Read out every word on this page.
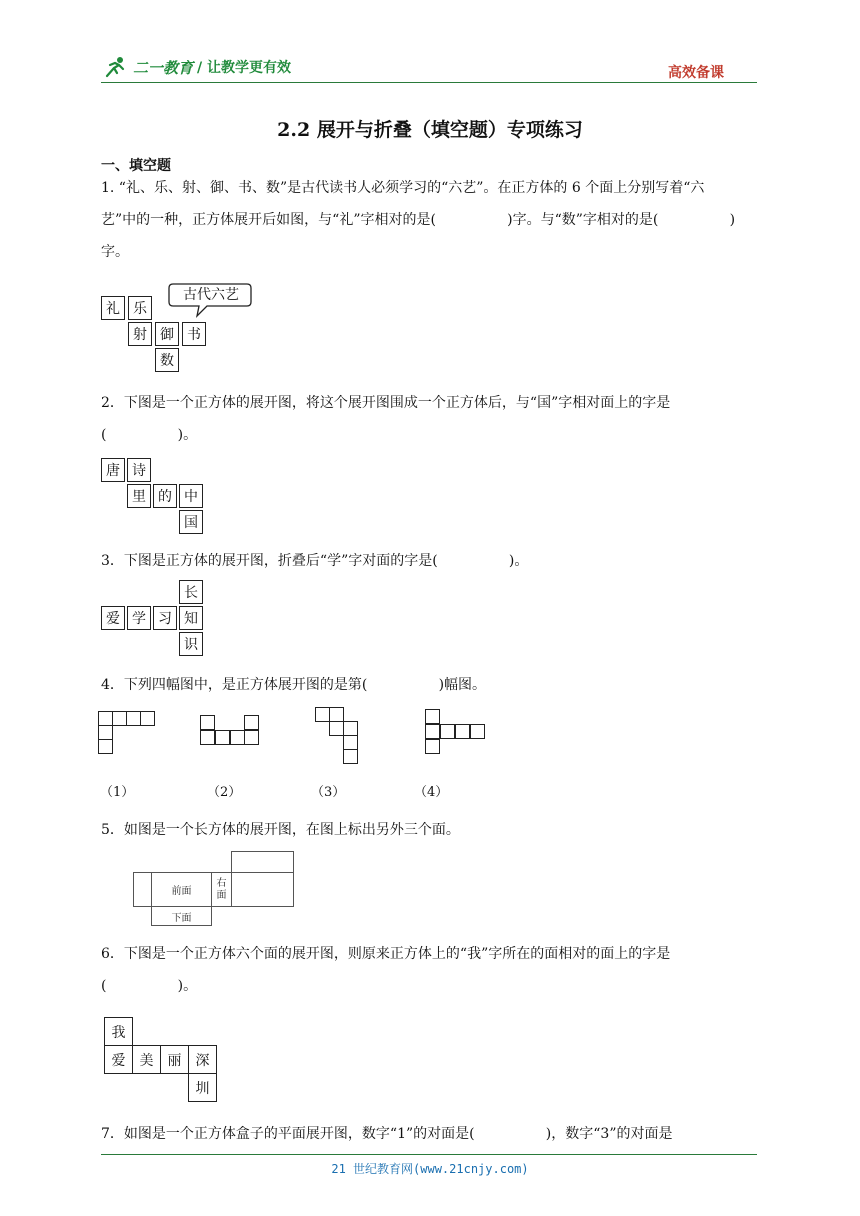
二一教育 / 让教学更有效	高效备课
2.2 展开与折叠（填空题）专项练习
一、填空题
1. “礼、乐、射、御、书、数”是古代读书人必须学习的“六艺”。在正方体的 6 个面上分别写着“六
艺”中的一种，正方体展开后如图，与“礼”字相对的是(                )字。与“数”字相对的是(                )
字。
礼 乐
射 御 书
数
古代六艺
2．下图是一个正方体的展开图，将这个展开图围成一个正方体后，与“国”字相对面上的字是
(                )。
唐 诗
里 的 中
国
3．下图是正方体的展开图，折叠后“学”字对面的字是(                )。
长
爱 学 习 知
识
4．下列四幅图中，是正方体展开图的是第(                )幅图。
（1）	（2）	（3）	（4）
5．如图是一个长方体的展开图，在图上标出另外三个面。
前面
右面
下面
6．下图是一个正方体六个面的展开图，则原来正方体上的“我”字所在的面相对的面上的字是
(                )。
我
爱	美	丽	深
圳
7．如图是一个正方体盒子的平面展开图，数字“1”的对面是(                )，数字“3”的对面是
21 世纪教育网(www.21cnjy.com)
